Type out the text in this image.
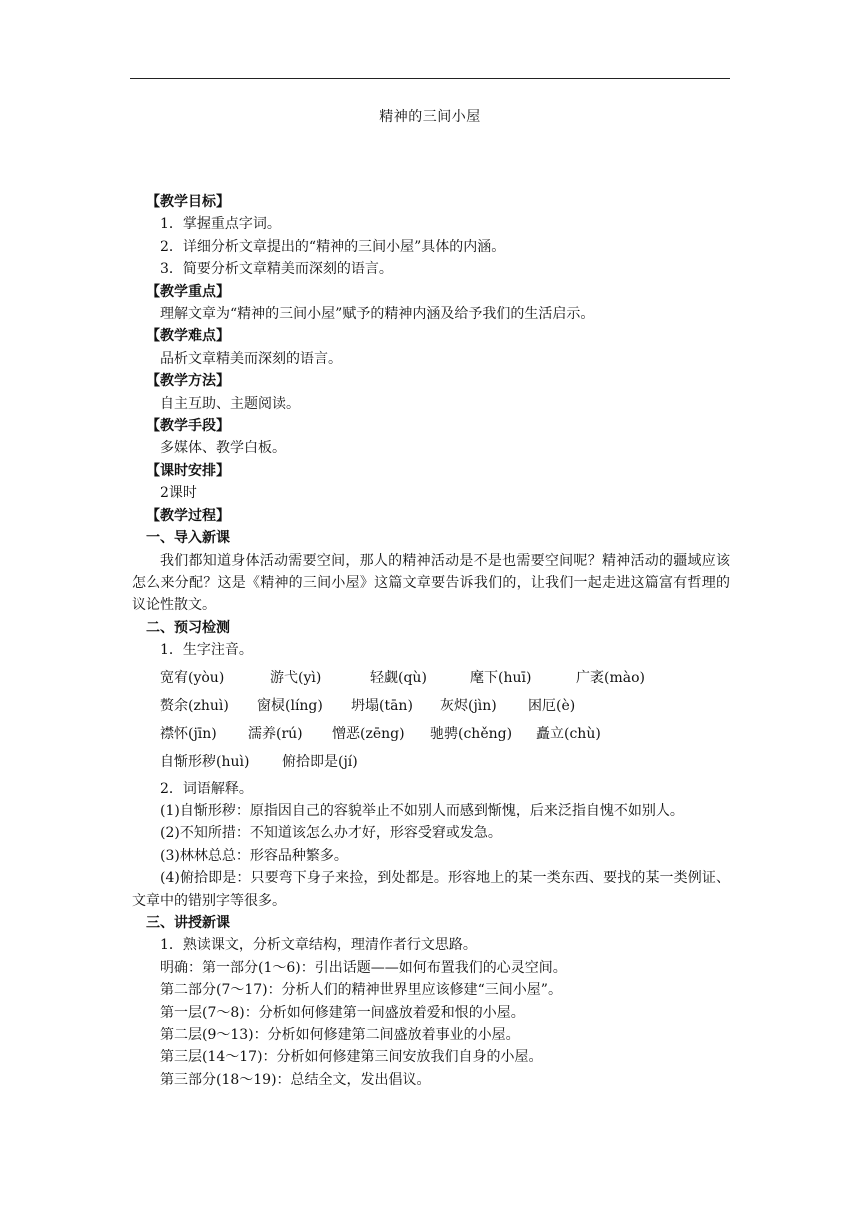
精神的三间小屋
【教学目标】
1．掌握重点字词。
2．详细分析文章提出的“精神的三间小屋”具体的内涵。
3．简要分析文章精美而深刻的语言。
【教学重点】
理解文章为“精神的三间小屋”赋予的精神内涵及给予我们的生活启示。
【教学难点】
品析文章精美而深刻的语言。
【教学方法】
自主互助、主题阅读。
【教学手段】
多媒体、教学白板。
【课时安排】
2课时
【教学过程】
一、导入新课
我们都知道身体活动需要空间，那人的精神活动是不是也需要空间呢？精神活动的疆域应该怎么来分配？这是《精神的三间小屋》这篇文章要告诉我们的，让我们一起走进这篇富有哲理的议论性散文。
二、预习检测
1．生字注音。
宽宥(yòu)	游弋(yì)	轻觑(qù)	麾下(huī)	广袤(mào)
赘余(zhuì)	窗棂(líng)	坍塌(tān)	灰烬(jìn)	困厄(è)
襟怀(jīn)	濡养(rú)	憎恶(zēng)	驰骋(chěng)	矗立(chù)
自惭形秽(huì)	俯拾即是(jí)
2．词语解释。
(1)自惭形秽：原指因自己的容貌举止不如别人而感到惭愧，后来泛指自愧不如别人。
(2)不知所措：不知道该怎么办才好，形容受窘或发急。
(3)林林总总：形容品种繁多。
(4)俯拾即是：只要弯下身子来捡，到处都是。形容地上的某一类东西、要找的某一类例证、文章中的错别字等很多。
三、讲授新课
1．熟读课文，分析文章结构，理清作者行文思路。
明确：第一部分(1～6)：引出话题——如何布置我们的心灵空间。
第二部分(7～17)：分析人们的精神世界里应该修建“三间小屋”。
第一层(7～8)：分析如何修建第一间盛放着爱和恨的小屋。
第二层(9～13)：分析如何修建第二间盛放着事业的小屋。
第三层(14～17)：分析如何修建第三间安放我们自身的小屋。
第三部分(18～19)：总结全文，发出倡议。
